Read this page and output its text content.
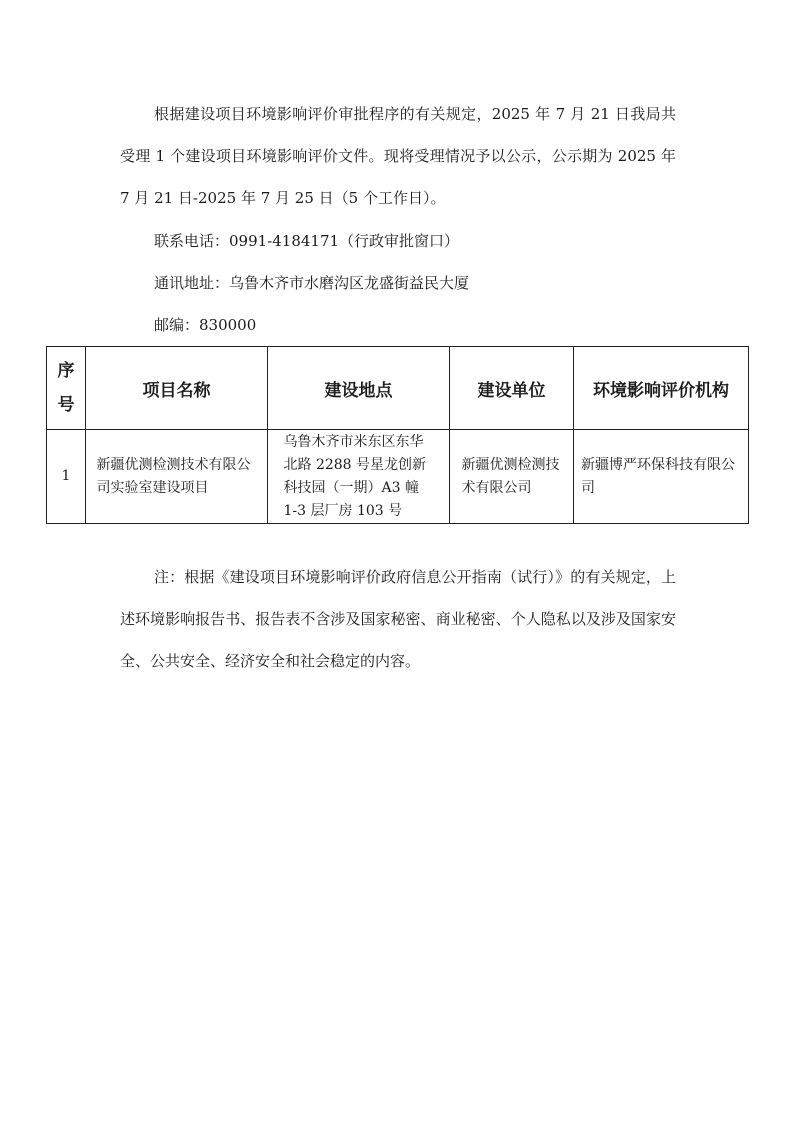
根据建设项目环境影响评价审批程序的有关规定，2025 年 7 月 21 日我局共受理 1 个建设项目环境影响评价文件。现将受理情况予以公示，公示期为 2025 年 7 月 21 日-2025 年 7 月 25 日（5 个工作日）。

联系电话：0991-4184171（行政审批窗口）

通讯地址：乌鲁木齐市水磨沟区龙盛街益民大厦

邮编：830000

序
号	项目名称	建设地点	建设单位	环境影响评价机构
1	新疆优测检测技术有限公司实验室建设项目	乌鲁木齐市米东区东华北路 2288 号星龙创新科技园（一期）A3 幢 1-3 层厂房 103 号	新疆优测检测技术有限公司	新疆博严环保科技有限公司

注：根据《建设项目环境影响评价政府信息公开指南（试行）》的有关规定，上述环境影响报告书、报告表不含涉及国家秘密、商业秘密、个人隐私以及涉及国家安全、公共安全、经济安全和社会稳定的内容。
